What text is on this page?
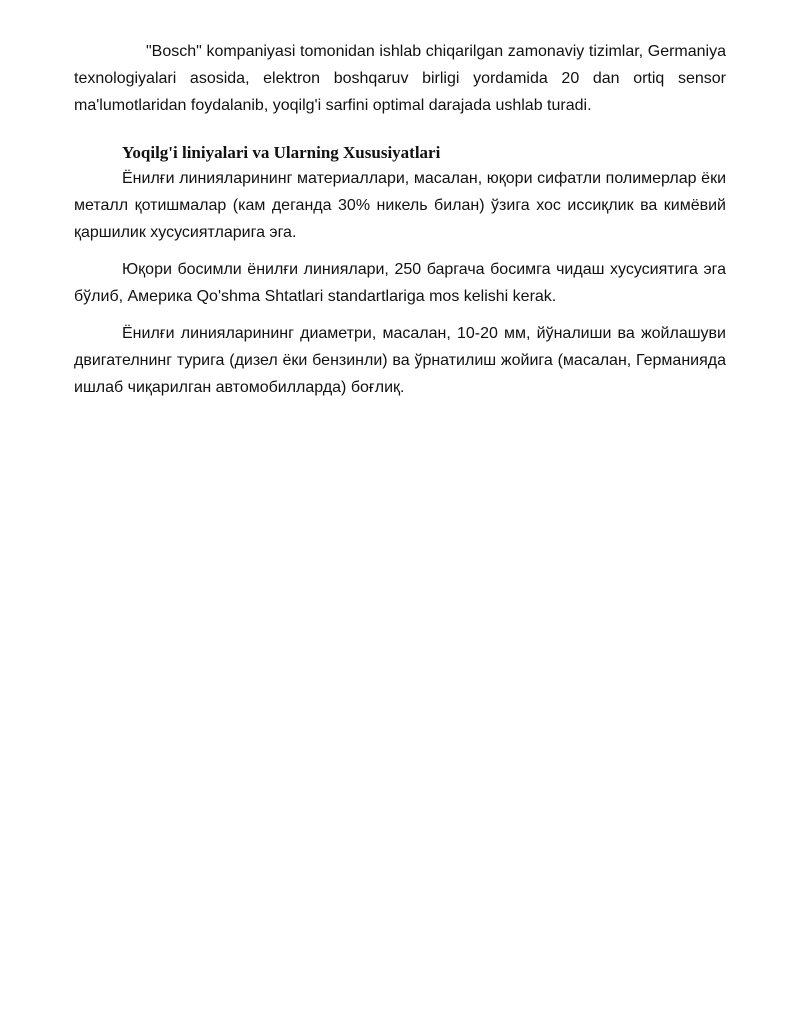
"Bosch" kompaniyasi tomonidan ishlab chiqarilgan zamonaviy tizimlar, Germaniya texnologiyalari asosida, elektron boshqaruv birligi yordamida 20 dan ortiq sensor ma'lumotlaridan foydalanib, yoqilg'i sarfini optimal darajada ushlab turadi.

Yoqilg'i liniyalari va Ularning Xususiyatlari

Ёнилғи линияларининг материаллари, масалан, юқори сифатли полимерлар ёки металл қотишмалар (кам деганда 30% никель билан) ўзига хос иссиқлик ва кимёвий қаршилик хусусиятларига эга.

Юқори босимли ёнилғи линиялари, 250 баргача босимга чидаш хусусиятига эга бўлиб, Америка Qo'shma Shtatlari standartlariga mos kelishi kerak.

Ёнилғи линияларининг диаметри, масалан, 10-20 мм, йўналиши ва жойлашуви двигателнинг турига (дизел ёки бензинли) ва ўрнатилиш жойига (масалан, Германияда ишлаб чиқарилган автомобилларда) боғлиқ.
